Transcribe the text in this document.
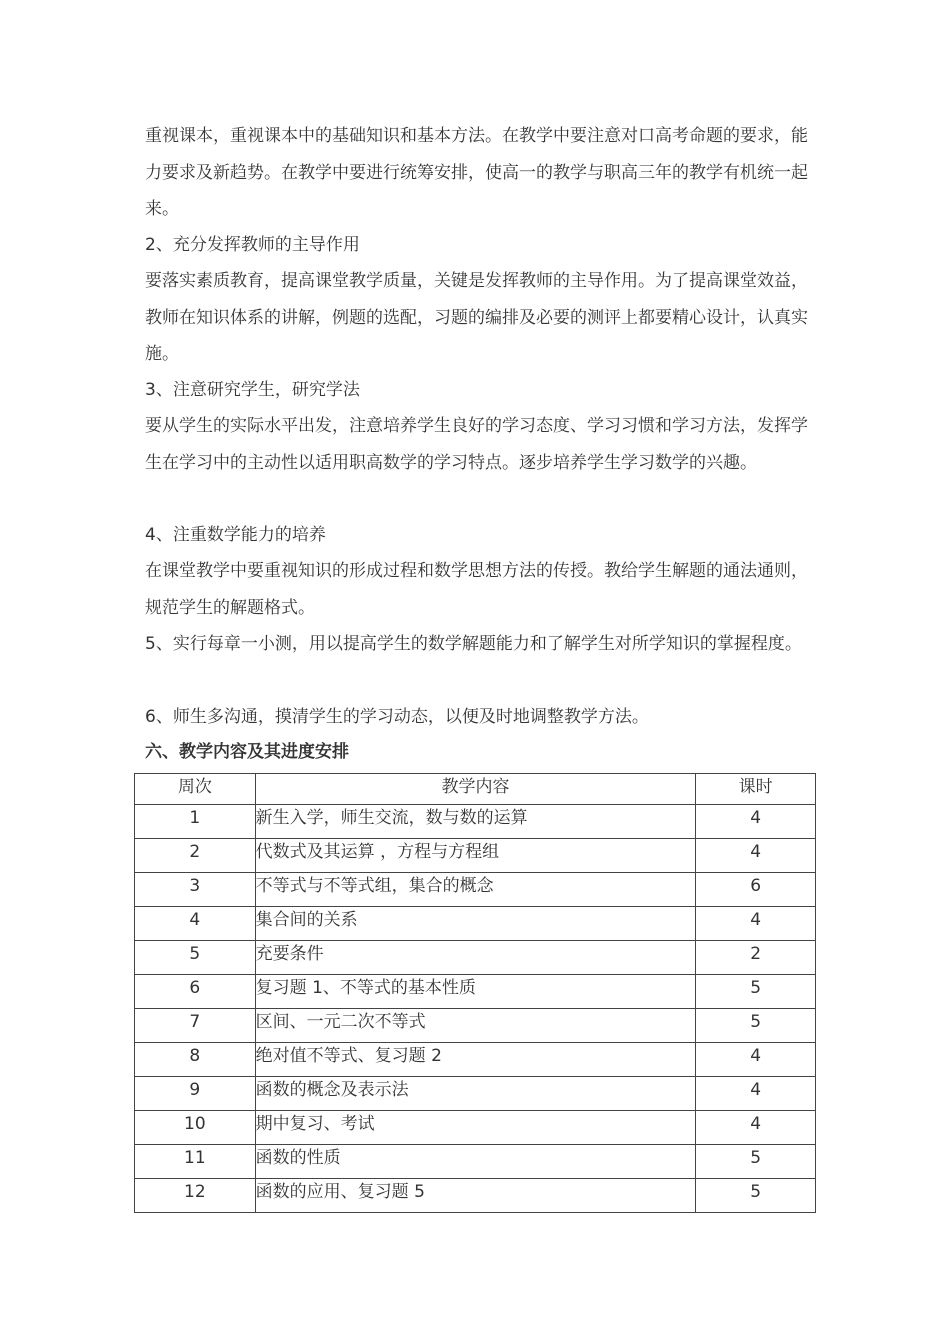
重视课本，重视课本中的基础知识和基本方法。在教学中要注意对口高考命题的要求，能力要求及新趋势。在教学中要进行统筹安排，使高一的教学与职高三年的教学有机统一起来。

2、充分发挥教师的主导作用

要落实素质教育，提高课堂教学质量，关键是发挥教师的主导作用。为了提高课堂效益，教师在知识体系的讲解，例题的选配，习题的编排及必要的测评上都要精心设计，认真实施。

3、注意研究学生，研究学法

要从学生的实际水平出发，注意培养学生良好的学习态度、学习习惯和学习方法，发挥学生在学习中的主动性以适用职高数学的学习特点。逐步培养学生学习数学的兴趣。

4、注重数学能力的培养

在课堂教学中要重视知识的形成过程和数学思想方法的传授。教给学生解题的通法通则，规范学生的解题格式。

5、实行每章一小测，用以提高学生的数学解题能力和了解学生对所学知识的掌握程度。

6、师生多沟通，摸清学生的学习动态，以便及时地调整教学方法。

六、教学内容及其进度安排

周次	教学内容	课时
1	新生入学，师生交流，数与数的运算	4
2	代数式及其运算 ，方程与方程组	4
3	不等式与不等式组，集合的概念	6
4	集合间的关系	4
5	充要条件	2
6	复习题 1、不等式的基本性质	5
7	区间、一元二次不等式	5
8	绝对值不等式、复习题 2	4
9	函数的概念及表示法	4
10	期中复习、考试	4
11	函数的性质	5
12	函数的应用、复习题 5	5
